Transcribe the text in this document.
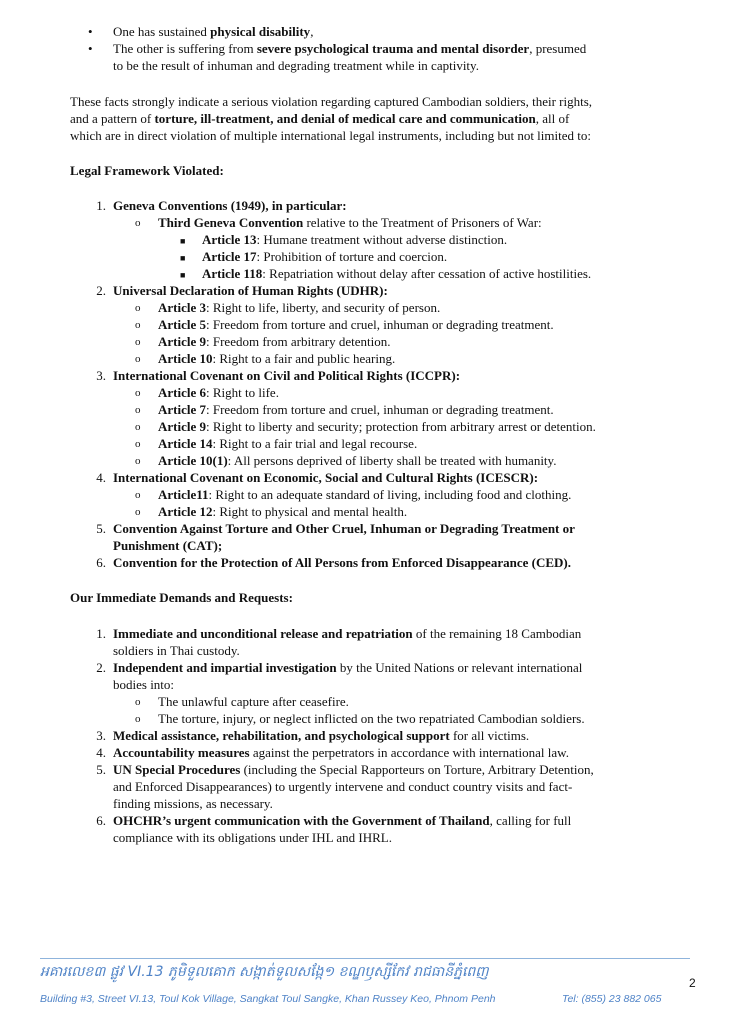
• One has sustained physical disability,
• The other is suffering from severe psychological trauma and mental disorder, presumed
to be the result of inhuman and degrading treatment while in captivity.
These facts strongly indicate a serious violation regarding captured Cambodian soldiers, their rights,
and a pattern of torture, ill-treatment, and denial of medical care and communication, all of
which are in direct violation of multiple international legal instruments, including but not limited to:
Legal Framework Violated:
1. Geneva Conventions (1949), in particular:
o Third Geneva Convention relative to the Treatment of Prisoners of War:
■ Article 13: Humane treatment without adverse distinction.
■ Article 17: Prohibition of torture and coercion.
■ Article 118: Repatriation without delay after cessation of active hostilities.
2. Universal Declaration of Human Rights (UDHR):
o Article 3: Right to life, liberty, and security of person.
o Article 5: Freedom from torture and cruel, inhuman or degrading treatment.
o Article 9: Freedom from arbitrary detention.
o Article 10: Right to a fair and public hearing.
3. International Covenant on Civil and Political Rights (ICCPR):
o Article 6: Right to life.
o Article 7: Freedom from torture and cruel, inhuman or degrading treatment.
o Article 9: Right to liberty and security; protection from arbitrary arrest or detention.
o Article 14: Right to a fair trial and legal recourse.
o Article 10(1): All persons deprived of liberty shall be treated with humanity.
4. International Covenant on Economic, Social and Cultural Rights (ICESCR):
o Article11: Right to an adequate standard of living, including food and clothing.
o Article 12: Right to physical and mental health.
5. Convention Against Torture and Other Cruel, Inhuman or Degrading Treatment or
Punishment (CAT);
6. Convention for the Protection of All Persons from Enforced Disappearance (CED).
Our Immediate Demands and Requests:
1. Immediate and unconditional release and repatriation of the remaining 18 Cambodian
soldiers in Thai custody.
2. Independent and impartial investigation by the United Nations or relevant international
bodies into:
o The unlawful capture after ceasefire.
o The torture, injury, or neglect inflicted on the two repatriated Cambodian soldiers.
3. Medical assistance, rehabilitation, and psychological support for all victims.
4. Accountability measures against the perpetrators in accordance with international law.
5. UN Special Procedures (including the Special Rapporteurs on Torture, Arbitrary Detention,
and Enforced Disappearances) to urgently intervene and conduct country visits and fact-
finding missions, as necessary.
6. OHCHR’s urgent communication with the Government of Thailand, calling for full
compliance with its obligations under IHL and IHRL.
អគារលេខ៣ ផ្លូវ VI.13 ភូមិទួលគោក សង្កាត់ទួលសង្កែ១ ខណ្ឌឫស្សីកែវ រាជធានីភ្នំពេញ
Building #3, Street VI.13, Toul Kok Village, Sangkat Toul Sangke, Khan Russey Keo, Phnom Penh	Tel: (855) 23 882 065
2
